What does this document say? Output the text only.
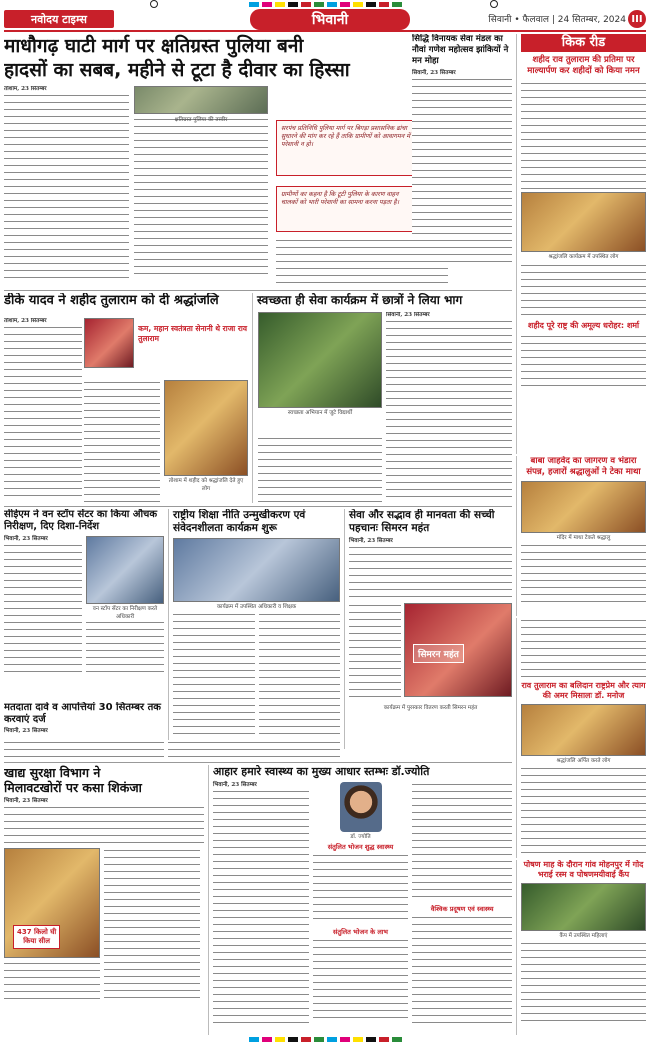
नवोदय टाइम्स	भिवानी	सिवानी • फैलवाल | 24 सितम्बर, 2024 III
माधौगढ़ घाटी मार्ग पर क्षतिग्रस्त पुलिया बनी
हादसों का सबब, महीने से टूटा है दीवार का हिस्सा
तोशाम, 23 सितम्बर
क्षतिग्रस्त पुलिया की तस्वीर
सरपंच प्रतिनिधि पुलिया मार्ग पर बिगड़ा प्रशासनिक ढांचा सुधारने की मांग कर रहे हैं ताकि ग्रामीणों को आवागमन में परेशानी न हो।
ग्रामीणों का कहना है कि टूटी पुलिया के कारण वाहन चालकों को भारी परेशानी का सामना करना पड़ता है।
सिद्धि विनायक सेवा मंडल का नौवां गणेश महोत्सव झांकियों ने मन मोहा
सिवानी, 23 सितम्बर
किक रीड
शहीद राव तुलाराम की प्रतिमा पर माल्यार्पण कर शहीदों को किया नमन
श्रद्धांजलि कार्यक्रम में उपस्थित लोग
शहीद पूरे राष्ट्र की अमूल्य धरोहर: शर्मा
डीके यादव ने शहीद तुलाराम को दी श्रद्धांजलि
तोशाम, 23 सितम्बर
कम, महान स्वतंत्रता सेनानी थे राजा राव तुलाराम
तोशाम में शहीद को श्रद्धांजलि देते हुए लोग
स्वच्छता ही सेवा कार्यक्रम में छात्रों ने लिया भाग
स्वच्छता अभियान में जुटे विद्यार्थी
सिवानी, 23 सितम्बर
बाबा जाहवेद का जागरण व भंडारा संपन्न, हजारों श्रद्धालुओं ने टेका माथा
मंदिर में माथा टेकते श्रद्धालु
सीईएम ने वन स्टॉप सेंटर का किया औचक निरीक्षण, दिए दिशा-निर्देश
भिवानी, 23 सितम्बर
वन स्टॉप सेंटर का निरीक्षण करते अधिकारी
राष्ट्रीय शिक्षा नीति उन्मुखीकरण एवं संवेदनशीलता कार्यक्रम शुरू
कार्यक्रम में उपस्थित अधिकारी व शिक्षक
सेवा और सद्भाव ही मानवता की सच्ची पहचानः सिमरन महंत
भिवानी, 23 सितम्बर
सिमरन महंत
कार्यक्रम में पुरस्कार वितरण करती सिमरन महंत
राव तुलाराम का बलिदान राष्ट्रप्रेम और त्याग की अमर मिसालः डॉ. मनोज
श्रद्धांजलि अर्पित करते लोग
मतदाता दावे व आपत्तियां 30 सितम्बर तक करवाएं दर्ज
भिवानी, 23 सितम्बर
खाद्य सुरक्षा विभाग ने
मिलावटखोरों पर कसा शिकंजा
भिवानी, 23 सितम्बर
437 किलो घी
किया सील
आहार हमारे स्वास्थ्य का मुख्य आधार स्तम्भः डॉ.ज्योति
भिवानी, 23 सितम्बर
डॉ. ज्योति
संतुलित भोजन शुद्ध स्वास्थ्य
संतुलित भोजन के लाभ
वैश्विक प्रदूषण एवं स्वास्थ्य
पोषण माह के दौरान गांव मोहनपुर में गोद भराई रस्म व पोषणमयीवाई कैंप
कैंप में उपस्थित महिलाएं
